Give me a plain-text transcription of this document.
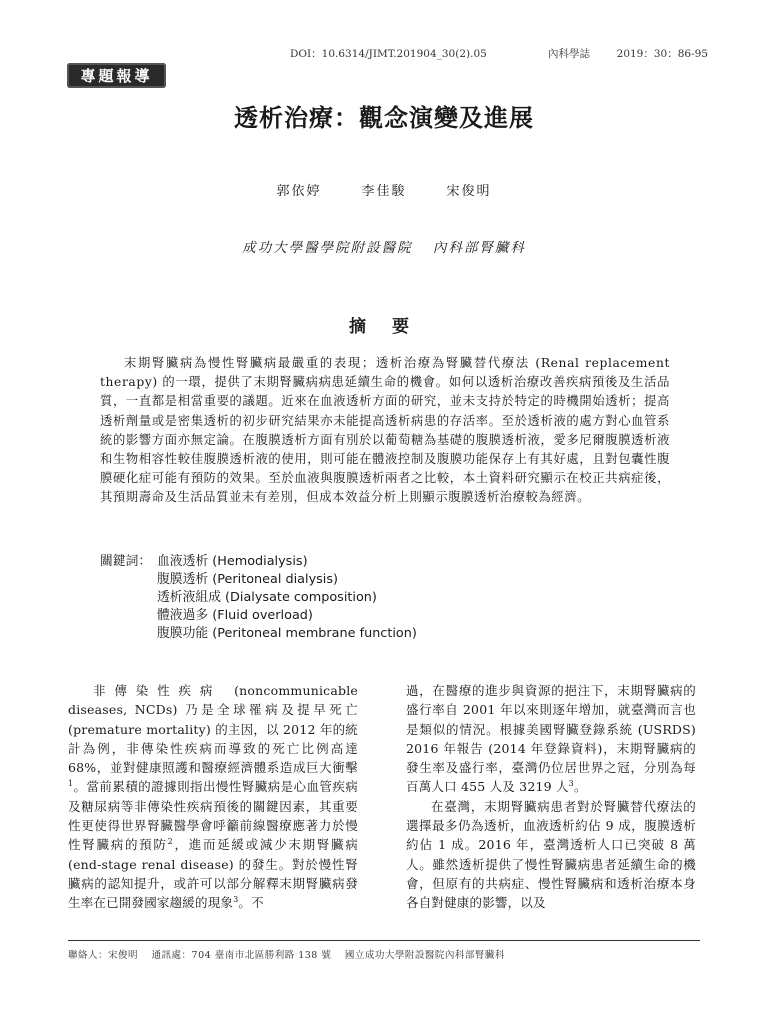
DOI：10.6314/JIMT.201904_30(2).05	內科學誌	2019：30：86-95
專題報導
透析治療：觀念演變及進展
郭依婷	李佳駿	宋俊明
成功大學醫學院附設醫院 內科部腎臟科
摘 要
末期腎臟病為慢性腎臟病最嚴重的表現；透析治療為腎臟替代療法 (Renal replacement therapy) 的一環，提供了末期腎臟病病患延續生命的機會。如何以透析治療改善疾病預後及生活品質，一直都是相當重要的議題。近來在血液透析方面的研究，並未支持於特定的時機開始透析；提高透析劑量或是密集透析的初步研究結果亦未能提高透析病患的存活率。至於透析液的處方對心血管系統的影響方面亦無定論。在腹膜透析方面有別於以葡萄糖為基礎的腹膜透析液，愛多尼爾腹膜透析液和生物相容性較佳腹膜透析液的使用，則可能在體液控制及腹膜功能保存上有其好處，且對包囊性腹膜硬化症可能有預防的效果。至於血液與腹膜透析兩者之比較，本土資料研究顯示在校正共病症後，其預期壽命及生活品質並未有差別，但成本效益分析上則顯示腹膜透析治療較為經濟。
關鍵詞： 血液透析 (Hemodialysis)
腹膜透析 (Peritoneal dialysis)
透析液組成 (Dialysate composition)
體液過多 (Fluid overload)
腹膜功能 (Peritoneal membrane function)

非傳染性疾病 (noncommunicable diseases, NCDs) 乃是全球罹病及提早死亡 (premature mortality) 的主因，以 2012 年的統計為例，非傳染性疾病而導致的死亡比例高達 68%，並對健康照護和醫療經濟體系造成巨大衝擊$^1$。當前累積的證據則指出慢性腎臟病是心血管疾病及糖尿病等非傳染性疾病預後的關鍵因素，其重要性更使得世界腎臟醫學會呼籲前線醫療應著力於慢性腎臟病的預防$^2$，進而延緩或減少末期腎臟病 (end-stage renal disease) 的發生。對於慢性腎臟病的認知提升，或許可以部分解釋末期腎臟病發生率在已開發國家趨緩的現象$^3$。不

過，在醫療的進步與資源的挹注下，末期腎臟病的盛行率自 2001 年以來則逐年增加，就臺灣而言也是類似的情況。根據美國腎臟登錄系統 (USRDS) 2016 年報告 (2014 年登錄資料)，末期腎臟病的發生率及盛行率，臺灣仍位居世界之冠，分別為每百萬人口 455 人及 3219 人$^3$。

在臺灣，末期腎臟病患者對於腎臟替代療法的選擇最多仍為透析，血液透析約佔 9 成，腹膜透析約佔 1 成。2016 年，臺灣透析人口已突破 8 萬人。雖然透析提供了慢性腎臟病患者延續生命的機會，但原有的共病症、慢性腎臟病和透析治療本身各自對健康的影響，以及

聯絡人：宋俊明 通訊處：704 臺南市北區勝利路 138 號 國立成功大學附設醫院內科部腎臟科
